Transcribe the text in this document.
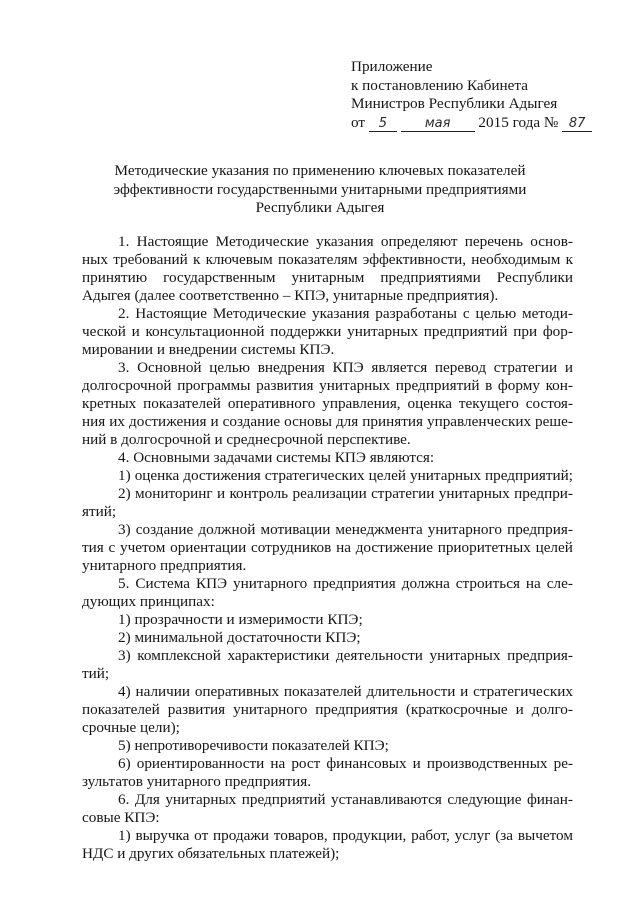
Приложение
к постановлению Кабинета
Министров Республики Адыгея
от 5	мая 2015 года № 87
Методические указания по применению ключевых показателей
эффективности государственными унитарными предприятиями
Республики Адыгея
1. Настоящие Методические указания определяют перечень основ-
ных требований к ключевым показателям эффективности, необходимым к
принятию государственным унитарным предприятиями Республики
Адыгея (далее соответственно – КПЭ, унитарные предприятия).
2. Настоящие Методические указания разработаны с целью методи-
ческой и консультационной поддержки унитарных предприятий при фор-
мировании и внедрении системы КПЭ.
3. Основной целью внедрения КПЭ является перевод стратегии и
долгосрочной программы развития унитарных предприятий в форму кон-
кретных показателей оперативного управления, оценка текущего состоя-
ния их достижения и создание основы для принятия управленческих реше-
ний в долгосрочной и среднесрочной перспективе.
4. Основными задачами системы КПЭ являются:
1) оценка достижения стратегических целей унитарных предприятий;
2) мониторинг и контроль реализации стратегии унитарных предпри-
ятий;
3) создание должной мотивации менеджмента унитарного предприя-
тия с учетом ориентации сотрудников на достижение приоритетных целей
унитарного предприятия.
5. Система КПЭ унитарного предприятия должна строиться на сле-
дующих принципах:
1) прозрачности и измеримости КПЭ;
2) минимальной достаточности КПЭ;
3) комплексной характеристики деятельности унитарных предприя-
тий;
4) наличии оперативных показателей длительности и стратегических
показателей развития унитарного предприятия (краткосрочные и долго-
срочные цели);
5) непротиворечивости показателей КПЭ;
6) ориентированности на рост финансовых и производственных ре-
зультатов унитарного предприятия.
6. Для унитарных предприятий устанавливаются следующие финан-
совые КПЭ:
1) выручка от продажи товаров, продукции, работ, услуг (за вычетом
НДС и других обязательных платежей);
